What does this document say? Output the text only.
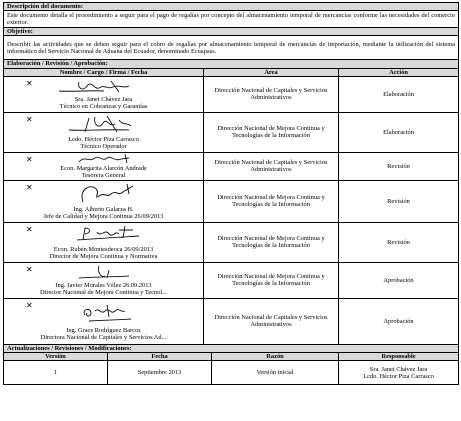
Descripción del documento:		
Este documento detalla el procedimiento a seguir para el pago de regalías por concepto del almacenamiento temporal de mercancías conforme las necesidades del comercio exterior.		
Objetivo:		
Describir las actividades que se deben seguir para el cobro de regalías por almacenamiento temporal de mercancías de importación, mediante la utilización del sistema informático del Servicio Nacional de Aduana del Ecuador, denominado Ecuapass.		
Elaboración / Revisión / Aprobación:		
Nombre / Cargo / Firma / Fecha	Área	Acción

✕
Sra. Janet Chávez Jara
Técnico en Cobranzas y Garantías	Dirección Nacional de Capitales y Servicios Administrativos	Elaboración

✕
Lcdo. Héctor Piza Carrasco
Técnico Operador	Dirección Nacional de Mejora Continua y Tecnologías de la Información	Elaboración

✕
Econ. Margarita Alarcón Andrade
Tesorera General	Dirección Nacional de Capitales y Servicios Administrativos	Revisión

✕
Ing. Alberto Galarza H.
Jefe de Calidad y Mejora Continua 26/09/2013	Dirección Nacional de Mejora Continua y Tecnologías de la Información	Revisión

✕
Econ. Rubén Montesdeoca 26/09/2013
Director de Mejora Continua y Normativa	Dirección Nacional de Mejora Continua y Tecnologías de la Información	Revisión

✕
Ing. Javier Morales Vélez 26.09.2013
Director Nacional de Mejora Continua y Tecnol...	Dirección Nacional de Mejora Continua y Tecnologías de la Información	Aprobación

✕
Ing. Grace Rodríguez Barcos
Directora Nacional de Capitales y Servicios Ad...	Dirección Nacional de Capitales y Servicios Administrativos	Aprobación
Actualizaciones / Revisiones / Modificaciones:			
Versión	Fecha	Razón	Responsable
1	Septiembre 2013	Versión inicial	Sra. Janet Chávez Jara
Lcdo. Héctor Piza Carrasco
